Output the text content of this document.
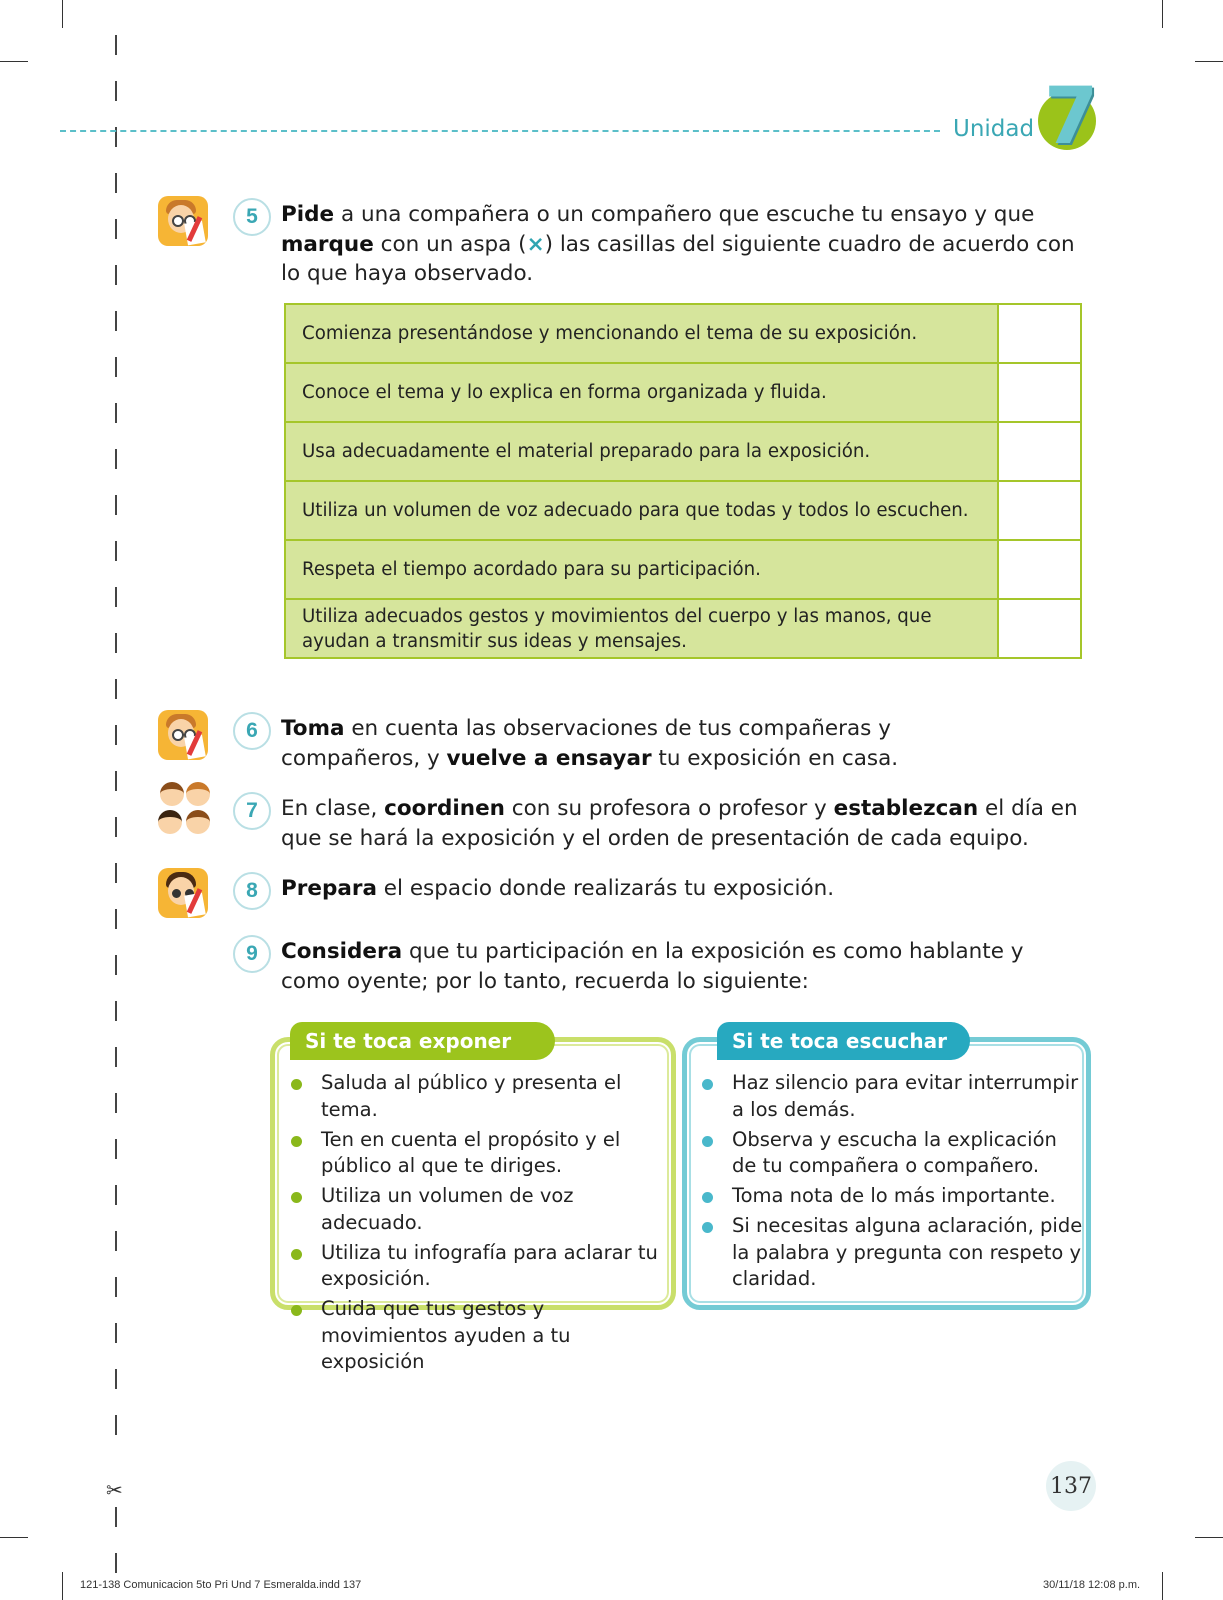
✂
Unidad 7
5	Pide a una compañera o un compañero que escuche tu ensayo y que marque con un aspa (×) las casillas del siguiente cuadro de acuerdo con lo que haya observado.
Comienza presentándose y mencionando el tema de su exposición.
Conoce el tema y lo explica en forma organizada y fluida.
Usa adecuadamente el material preparado para la exposición.
Utiliza un volumen de voz adecuado para que todas y todos lo escuchen.
Respeta el tiempo acordado para su participación.
Utiliza adecuados gestos y movimientos del cuerpo y las manos, que ayudan a transmitir sus ideas y mensajes.
6	Toma en cuenta las observaciones de tus compañeras y compañeros, y vuelve a ensayar tu exposición en casa.
7	En clase, coordinen con su profesora o profesor y establezcan el día en que se hará la exposición y el orden de presentación de cada equipo.
8	Prepara el espacio donde realizarás tu exposición.
9	Considera que tu participación en la exposición es como hablante y como oyente; por lo tanto, recuerda lo siguiente:
Si te toca exponer
Saluda al público y presenta el tema.
Ten en cuenta el propósito y el público al que te diriges.
Utiliza un volumen de voz adecuado.
Utiliza tu infografía para aclarar tu exposición.
Cuida que tus gestos y movimientos ayuden a tu exposición
Si te toca escuchar
Haz silencio para evitar interrumpir a los demás.
Observa y escucha la explicación de tu compañera o compañero.
Toma nota de lo más importante.
Si necesitas alguna aclaración, pide la palabra y pregunta con respeto y claridad.
137
121-138 Comunicacion 5to Pri Und 7 Esmeralda.indd 137	30/11/18 12:08 p.m.
